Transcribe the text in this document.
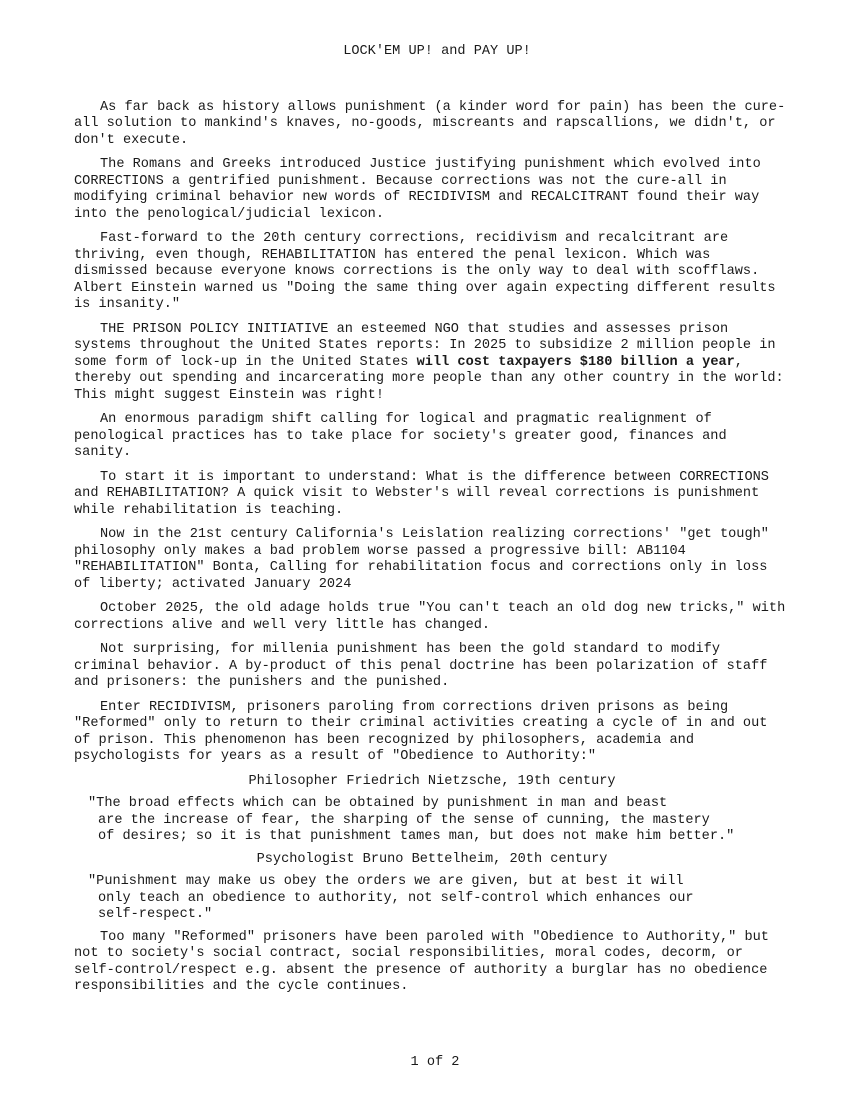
LOCK'EM UP! and PAY UP!

As far back as history allows punishment (a kinder word for pain) has been the cure-all solution to mankind's knaves, no-goods, miscreants and rapscallions, we didn't, or don't execute.

The Romans and Greeks introduced Justice justifying punishment which evolved into CORRECTIONS a gentrified punishment. Because corrections was not the cure-all in modifying criminal behavior new words of RECIDIVISM and RECALCITRANT found their way into the penological/judicial lexicon.

Fast-forward to the 20th century corrections, recidivism and recalcitrant are thriving, even though, REHABILITATION has entered the penal lexicon. Which was dismissed because everyone knows corrections is the only way to deal with scofflaws. Albert Einstein warned us "Doing the same thing over again expecting different results is insanity."

THE PRISON POLICY INITIATIVE an esteemed NGO that studies and assesses prison systems throughout the United States reports: In 2025 to subsidize 2 million people in some form of lock-up in the United States will cost taxpayers $180 billion a year, thereby out spending and incarcerating more people than any other country in the world: This might suggest Einstein was right!

An enormous paradigm shift calling for logical and pragmatic realignment of penological practices has to take place for society's greater good, finances and sanity.

To start it is important to understand: What is the difference between CORRECTIONS and REHABILITATION? A quick visit to Webster's will reveal corrections is punishment while rehabilitation is teaching.

Now in the 21st century California's Leislation realizing corrections' "get tough" philosophy only makes a bad problem worse passed a progressive bill: AB1104 "REHABILITATION" Bonta, Calling for rehabilitation focus and corrections only in loss of liberty; activated January 2024

October 2025, the old adage holds true "You can't teach an old dog new tricks," with corrections alive and well very little has changed.

Not surprising, for millenia punishment has been the gold standard to modify criminal behavior. A by-product of this penal doctrine has been polarization of staff and prisoners: the punishers and the punished.

Enter RECIDIVISM, prisoners paroling from corrections driven prisons as being "Reformed" only to return to their criminal activities creating a cycle of in and out of prison. This phenomenon has been recognized by philosophers, academia and psychologists for years as a result of "Obedience to Authority:"

Philosopher Friedrich Nietzsche, 19th century
"The broad effects which can be obtained by punishment in man and beast
are the increase of fear, the sharping of the sense of cunning, the mastery
of desires; so it is that punishment tames man, but does not make him better."
Psychologist Bruno Bettelheim, 20th century
"Punishment may make us obey the orders we are given, but at best it will
only teach an obedience to authority, not self-control which enhances our
self-respect."

Too many "Reformed" prisoners have been paroled with "Obedience to Authority," but not to society's social contract, social responsibilities, moral codes, decorm, or self-control/respect e.g. absent the presence of authority a burglar has no obedience responsibilities and the cycle continues.

1 of 2
